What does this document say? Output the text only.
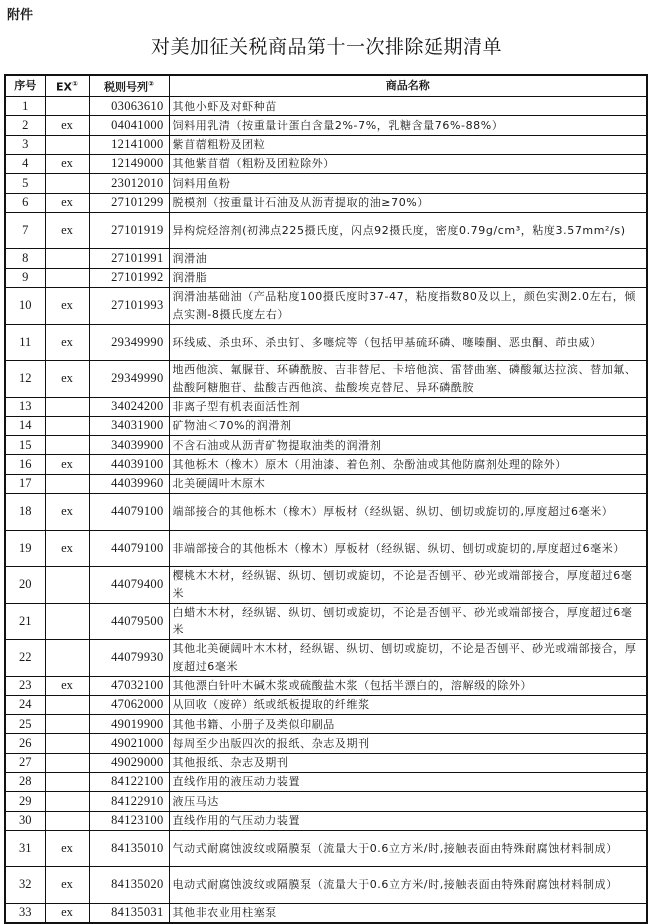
附件
对美加征关税商品第十一次排除延期清单
序号	EX①	税则号列②	商品名称
1		03063610	其他小虾及对虾种苗
2	ex	04041000	饲料用乳清（按重量计蛋白含量2%-7%，乳糖含量76%-88%）
3		12141000	紫苜蓿粗粉及团粒
4	ex	12149000	其他紫苜蓿（粗粉及团粒除外）
5		23012010	饲料用鱼粉
6	ex	27101299	脱模剂（按重量计石油及从沥青提取的油≥70%）
7	ex	27101919	异构烷烃溶剂(初沸点225摄氏度，闪点92摄氏度，密度0.79g/cm³，粘度3.57mm²/s)
8		27101991	润滑油
9		27101992	润滑脂
10	ex	27101993	润滑油基础油（产品粘度100摄氏度时37-47，粘度指数80及以上，颜色实测2.0左右，倾点实测-8摄氏度左右）
11	ex	29349990	环线威、杀虫环、杀虫钉、多噻烷等（包括甲基硫环磷、噻嗪酮、恶虫酮、茚虫威）
12	ex	29349990	地西他滨、氟脲苷、环磷酰胺、吉非替尼、卡培他滨、雷替曲塞、磷酸氟达拉滨、替加氟、盐酸阿糖胞苷、盐酸吉西他滨、盐酸埃克替尼、异环磷酰胺
13		34024200	非离子型有机表面活性剂
14		34031900	矿物油＜70%的润滑剂
15		34039900	不含石油或从沥青矿物提取油类的润滑剂
16	ex	44039100	其他栎木（橡木）原木（用油漆、着色剂、杂酚油或其他防腐剂处理的除外）
17		44039960	北美硬阔叶木原木
18	ex	44079100	端部接合的其他栎木（橡木）厚板材（经纵锯、纵切、刨切或旋切的,厚度超过6毫米）
19	ex	44079100	非端部接合的其他栎木（橡木）厚板材（经纵锯、纵切、刨切或旋切的,厚度超过6毫米）
20		44079400	樱桃木木材，经纵锯、纵切、刨切或旋切，不论是否刨平、砂光或端部接合，厚度超过6毫米
21		44079500	白蜡木木材，经纵锯、纵切、刨切或旋切，不论是否刨平、砂光或端部接合，厚度超过6毫米
22		44079930	其他北美硬阔叶木木材，经纵锯、纵切、刨切或旋切，不论是否刨平、砂光或端部接合，厚度超过6毫米
23	ex	47032100	其他漂白针叶木碱木浆或硫酸盐木浆（包括半漂白的，溶解级的除外）
24		47062000	从回收（废碎）纸或纸板提取的纤维浆
25		49019900	其他书籍、小册子及类似印刷品
26		49021000	每周至少出版四次的报纸、杂志及期刊
27		49029000	其他报纸、杂志及期刊
28		84122100	直线作用的液压动力装置
29		84122910	液压马达
30		84123100	直线作用的气压动力装置
31	ex	84135010	气动式耐腐蚀波纹或隔膜泵（流量大于0.6立方米/时,接触表面由特殊耐腐蚀材料制成）
32	ex	84135020	电动式耐腐蚀波纹或隔膜泵（流量大于0.6立方米/时,接触表面由特殊耐腐蚀材料制成）
33	ex	84135031	其他非农业用柱塞泵
